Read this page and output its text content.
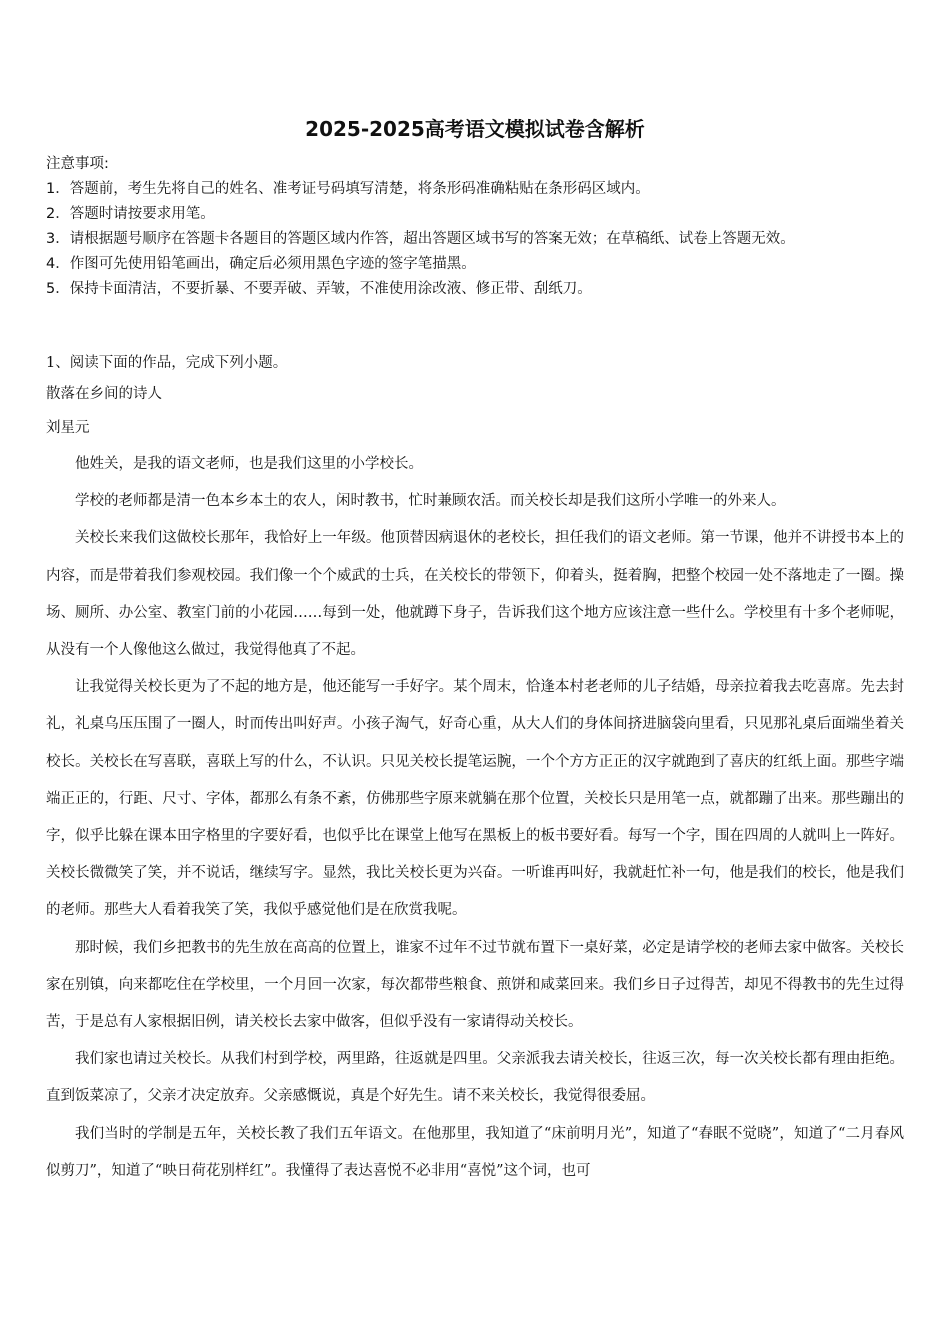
2025-2025高考语文模拟试卷含解析
注意事项:
1．答题前，考生先将自己的姓名、准考证号码填写清楚，将条形码准确粘贴在条形码区域内。
2．答题时请按要求用笔。
3．请根据题号顺序在答题卡各题目的答题区域内作答，超出答题区域书写的答案无效；在草稿纸、试卷上答题无效。
4．作图可先使用铅笔画出，确定后必须用黑色字迹的签字笔描黑。
5．保持卡面清洁，不要折暴、不要弄破、弄皱，不准使用涂改液、修正带、刮纸刀。
1、阅读下面的作品，完成下列小题。
散落在乡间的诗人
刘星元

他姓关，是我的语文老师，也是我们这里的小学校长。

学校的老师都是清一色本乡本土的农人，闲时教书，忙时兼顾农活。而关校长却是我们这所小学唯一的外来人。

关校长来我们这做校长那年，我恰好上一年级。他顶替因病退休的老校长，担任我们的语文老师。第一节课，他并不讲授书本上的内容，而是带着我们参观校园。我们像一个个威武的士兵，在关校长的带领下，仰着头，挺着胸，把整个校园一处不落地走了一圈。操场、厕所、办公室、教室门前的小花园……每到一处，他就蹲下身子，告诉我们这个地方应该注意一些什么。学校里有十多个老师呢，从没有一个人像他这么做过，我觉得他真了不起。

让我觉得关校长更为了不起的地方是，他还能写一手好字。某个周末，恰逢本村老老师的儿子结婚，母亲拉着我去吃喜席。先去封礼，礼桌乌压压围了一圈人，时而传出叫好声。小孩子淘气，好奇心重，从大人们的身体间挤进脑袋向里看，只见那礼桌后面端坐着关校长。关校长在写喜联，喜联上写的什么，不认识。只见关校长提笔运腕，一个个方方正正的汉字就跑到了喜庆的红纸上面。那些字端端正正的，行距、尺寸、字体，都那么有条不紊，仿佛那些字原来就躺在那个位置，关校长只是用笔一点，就都蹦了出来。那些蹦出的字，似乎比躲在课本田字格里的字要好看，也似乎比在课堂上他写在黑板上的板书要好看。每写一个字，围在四周的人就叫上一阵好。关校长微微笑了笑，并不说话，继续写字。显然，我比关校长更为兴奋。一听谁再叫好，我就赶忙补一句，他是我们的校长，他是我们的老师。那些大人看着我笑了笑，我似乎感觉他们是在欣赏我呢。

那时候，我们乡把教书的先生放在高高的位置上，谁家不过年不过节就布置下一桌好菜，必定是请学校的老师去家中做客。关校长家在别镇，向来都吃住在学校里，一个月回一次家，每次都带些粮食、煎饼和咸菜回来。我们乡日子过得苦，却见不得教书的先生过得苦，于是总有人家根据旧例，请关校长去家中做客，但似乎没有一家请得动关校长。

我们家也请过关校长。从我们村到学校，两里路，往返就是四里。父亲派我去请关校长，往返三次，每一次关校长都有理由拒绝。直到饭菜凉了，父亲才决定放弃。父亲感慨说，真是个好先生。请不来关校长，我觉得很委屈。

我们当时的学制是五年，关校长教了我们五年语文。在他那里，我知道了“床前明月光”，知道了“春眠不觉晓”，知道了“二月春风似剪刀”，知道了“映日荷花别样红”。我懂得了表达喜悦不必非用“喜悦”这个词，也可
